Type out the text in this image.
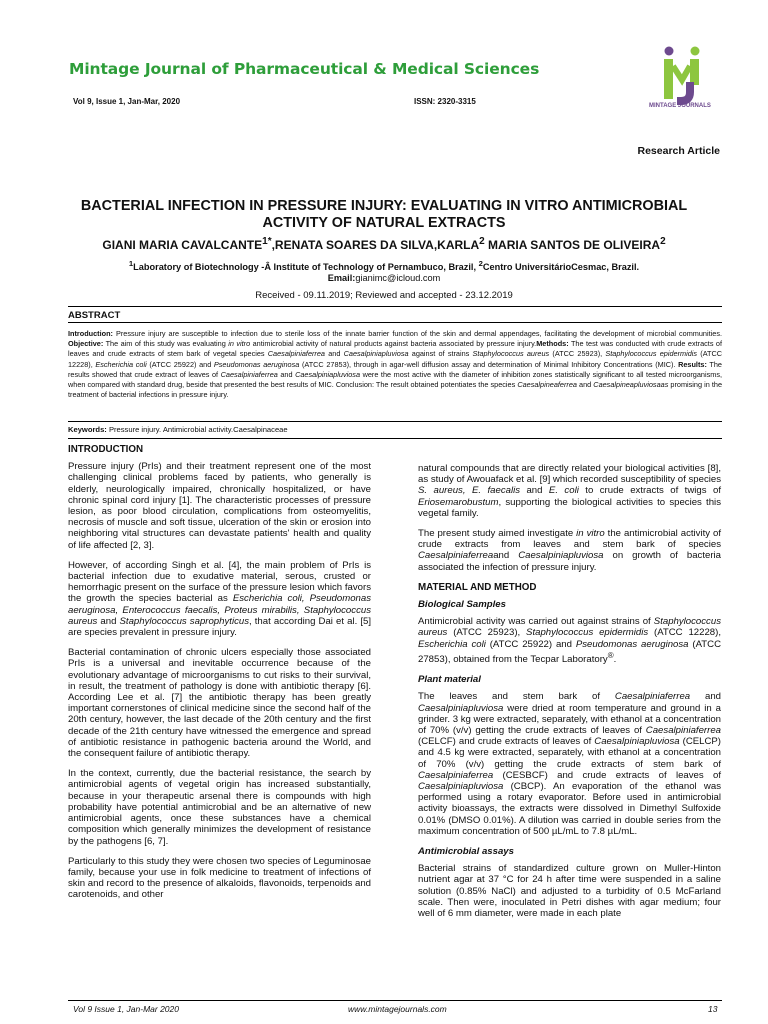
Mintage Journal of Pharmaceutical & Medical Sciences
Vol 9, Issue 1, Jan-Mar, 2020	ISSN: 2320-3315	MINTAGE JOURNALS
Research Article
BACTERIAL INFECTION IN PRESSURE INJURY: EVALUATING IN VITRO ANTIMICROBIAL ACTIVITY OF NATURAL EXTRACTS
GIANI MARIA $CAVALCANTE^{1*},RENATA$ SOARES DA SILVA,KARLA$^2$ MARIA SANTOS DE OLIVEIRA$^2$
$^1$Laboratory of Biotechnology -Â Institute of Technology of Pernambuco, Brazil, $^2$Centro UniversitárioCesmac, Brazil.
Email:gianimc@icloud.com
Received - 09.11.2019; Reviewed and accepted - 23.12.2019
ABSTRACT
Introduction: Pressure injury are susceptible to infection due to sterile loss of the innate barrier function of the skin and dermal appendages, facilitating the development of microbial communities. Objective: The aim of this study was evaluating in vitro antimicrobial activity of natural products against bacteria associated by pressure injury.Methods: The test was conducted with crude extracts of leaves and crude extracts of stem bark of vegetal species Caesalpiniaferrea and Caesalpiniapluviosa against of strains Staphylococcus aureus (ATCC 25923), Staphylococcus epidermidis (ATCC 12228), Escherichia coli (ATCC 25922) and Pseudomonas aeruginosa (ATCC 27853), through in agar-well diffusion assay and determination of Minimal Inhibitory Concentrations (MIC). Results: The results showed that crude extract of leaves of Caesalpiniaferrea and Caesalpiniapluviosa were the most active with the diameter of inhibition zones statistically significant to all tested microorganisms, when compared with standard drug, beside that presented the best results of MIC. Conclusion: The result obtained potentiates the species Caesalpineaferrea and Caesalpineapluviosaas promising in the treatment of bacterial infections in pressure injury.
Keywords: Pressure injury. Antimicrobial activity.Caesalpinaceae
INTRODUCTION

Pressure injury (PrIs) and their treatment represent one of the most challenging clinical problems faced by patients, who generally is elderly, neurologically impaired, chronically hospitalized, or have chronic spinal cord injury [1]. The characteristic processes of pressure lesion, as poor blood circulation, complications from osteomyelitis, necrosis of muscle and soft tissue, ulceration of the skin or erosion into neighboring vital structures can devastate patients' health and quality of life affected [2, 3].

However, of according Singh et al. [4], the main problem of PrIs is bacterial infection due to exudative material, serous, crusted or hemorrhagic present on the surface of the pressure lesion which favors the growth the species bacterial as Escherichia coli, Pseudomonas aeruginosa, Enterococcus faecalis, Proteus mirabilis, Staphylococcus aureus and Staphylococcus saprophyticus, that according Dai et al. [5] are species prevalent in pressure injury.

Bacterial contamination of chronic ulcers especially those associated PrIs is a universal and inevitable occurrence because of the evolutionary advantage of microorganisms to cut risks to their survival, in result, the treatment of pathology is done with antibiotic therapy [6]. According Lee et al. [7] the antibiotic therapy has been greatly important cornerstones of clinical medicine since the second half of the 20th century, however, the last decade of the 20th century and the first decade of the 21th century have witnessed the emergence and spread of antibiotic resistance in pathogenic bacteria around the World, and the consequent failure of antibiotic therapy.

In the context, currently, due the bacterial resistance, the search by antimicrobial agents of vegetal origin has increased substantially, because in your therapeutic arsenal there is compounds with high probability have potential antimicrobial and be an alternative of new antimicrobial agents, once these substances have a chemical composition which generally minimizes the development of resistance by the pathogens [6, 7].

Particularly to this study they were chosen two species of Leguminosae family, because your use in folk medicine to treatment of infections of skin and record to the presence of alkaloids, flavonoids, terpenoids and carotenoids, and other

natural compounds that are directly related your biological activities [8], as study of Awouafack et al. [9] which recorded susceptibility of species S. aureus, E. faecalis and E. coli to crude extracts of twigs of Eriosemarobustum, supporting the biological activities to species this vegetal family.

The present study aimed investigate in vitro the antimicrobial activity of crude extracts from leaves and stem bark of species Caesalpiniaferreaand Caesalpiniapluviosa on growth of bacteria associated the infection of pressure injury.

MATERIAL AND METHOD
Biological Samples

Antimicrobial activity was carried out against strains of Staphylococcus aureus (ATCC 25923), Staphylococcus epidermidis (ATCC 12228), Escherichia coli (ATCC 25922) and Pseudomonas aeruginosa (ATCC 27853), obtained from the Tecpar Laboratory®.

Plant material

The leaves and stem bark of Caesalpiniaferrea and Caesalpiniapluviosa were dried at room temperature and ground in a grinder. 3 kg were extracted, separately, with ethanol at a concentration of 70% (v/v) getting the crude extracts of leaves of Caesalpiniaferrea (CELCF) and crude extracts of leaves of Caesalpiniapluviosa (CELCP) and 4.5 kg were extracted, separately, with ethanol at a concentration of 70% (v/v) getting the crude extracts of stem bark of Caesalpiniaferrea (CESBCF) and crude extracts of leaves of Caesalpiniapluviosa (CBCP). An evaporation of the ethanol was performed using a rotary evaporator. Before used in antimicrobial activity bioassays, the extracts were dissolved in Dimethyl Sulfoxide 0.01% (DMSO 0.01%). A dilution was carried in double series from the maximum concentration of 500 µL/mL to 7.8 µL/mL.

Antimicrobial assays

Bacterial strains of standardized culture grown on Muller-Hinton nutrient agar at 37 °C for 24 h after time were suspended in a saline solution (0.85% NaCl) and adjusted to a turbidity of 0.5 McFarland scale. Then were, inoculated in Petri dishes with agar medium; four well of 6 mm diameter, were made in each plate

Vol 9 Issue 1, Jan-Mar 2020	www.mintagejournals.com	13
